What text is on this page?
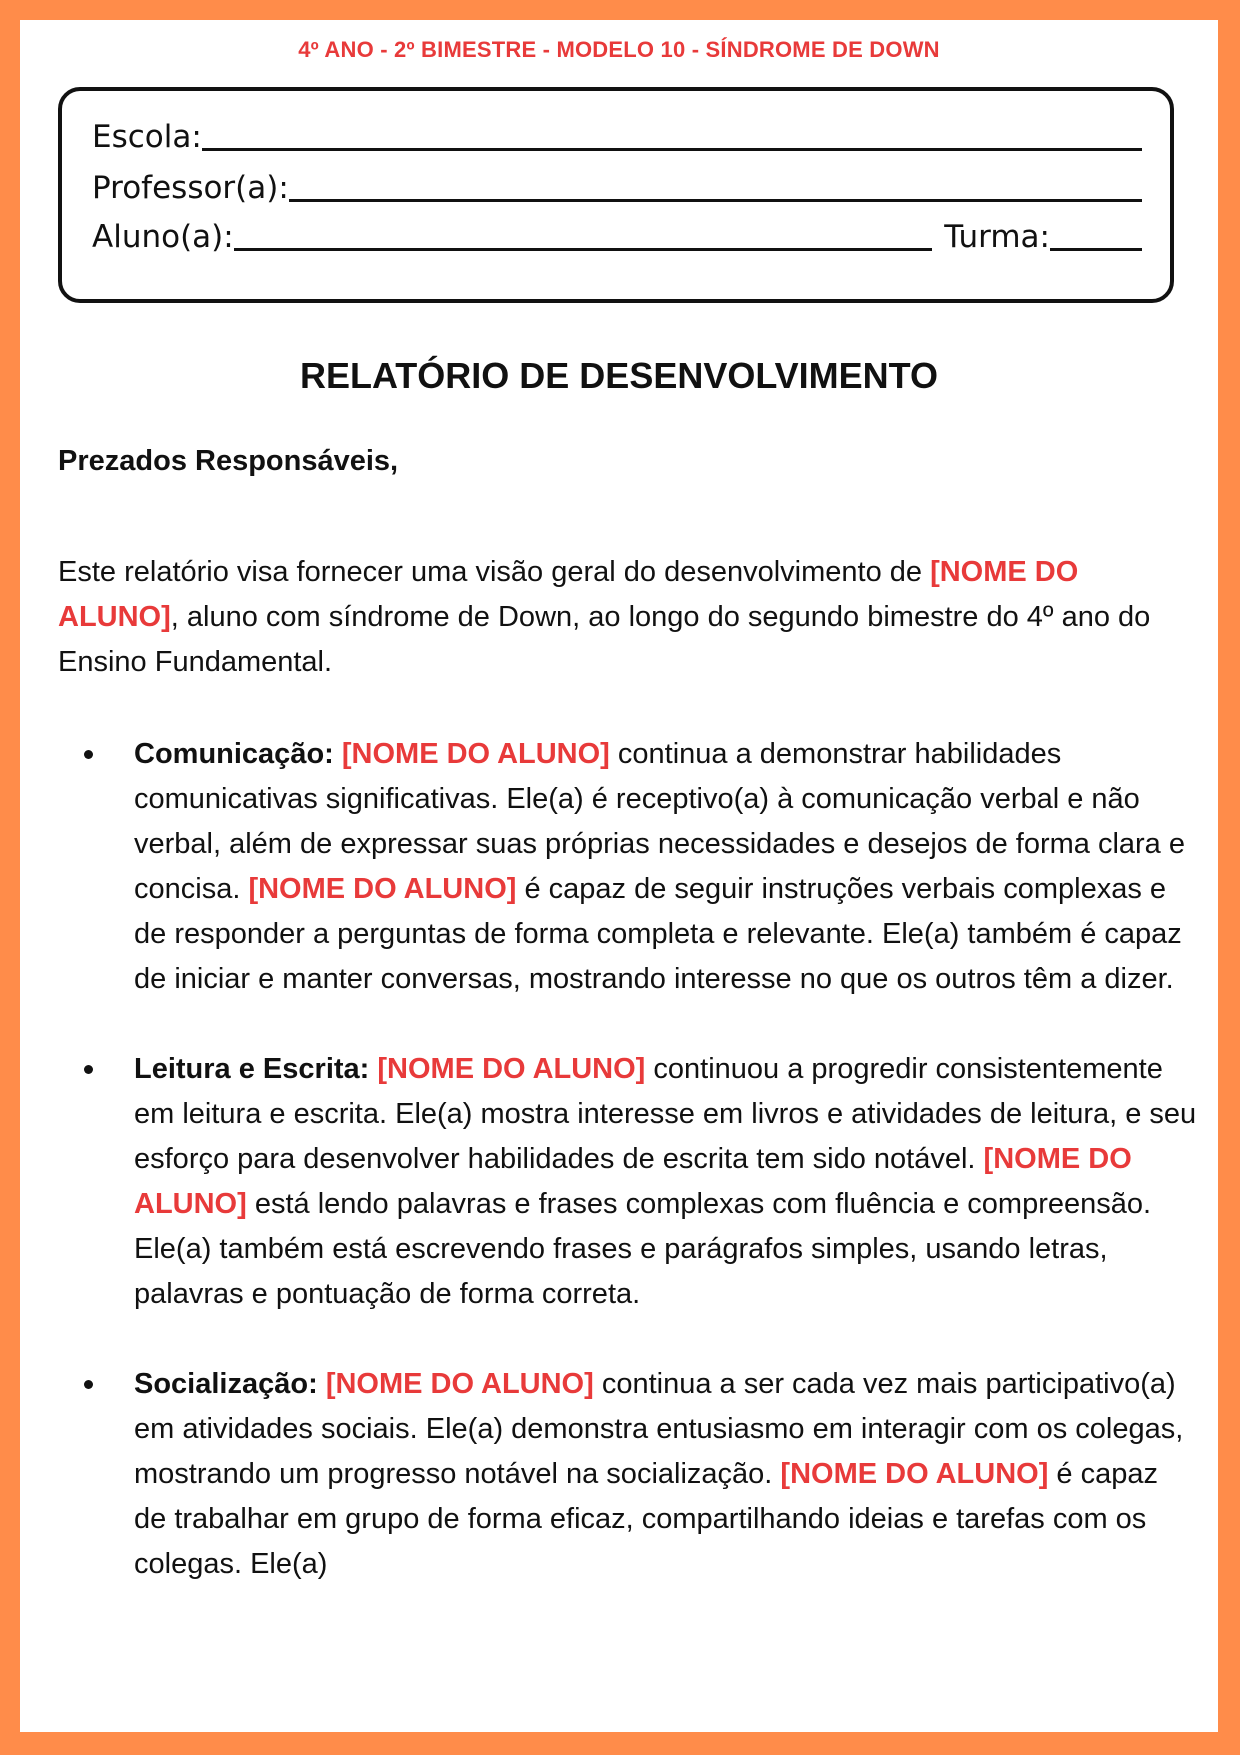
4º ANO - 2º BIMESTRE - MODELO 10 - SÍNDROME DE DOWN
Escola:
Professor(a):
Aluno(a):	Turma:
RELATÓRIO DE DESENVOLVIMENTO
Prezados Responsáveis,

Este relatório visa fornecer uma visão geral do desenvolvimento de [NOME DO ALUNO], aluno com síndrome de Down, ao longo do segundo bimestre do 4º ano do Ensino Fundamental.

Comunicação: [NOME DO ALUNO] continua a demonstrar habilidades comunicativas significativas. Ele(a) é receptivo(a) à comunicação verbal e não verbal, além de expressar suas próprias necessidades e desejos de forma clara e concisa. [NOME DO ALUNO] é capaz de seguir instruções verbais complexas e de responder a perguntas de forma completa e relevante. Ele(a) também é capaz de iniciar e manter conversas, mostrando interesse no que os outros têm a dizer.
Leitura e Escrita: [NOME DO ALUNO] continuou a progredir consistentemente em leitura e escrita. Ele(a) mostra interesse em livros e atividades de leitura, e seu esforço para desenvolver habilidades de escrita tem sido notável. [NOME DO ALUNO] está lendo palavras e frases complexas com fluência e compreensão. Ele(a) também está escrevendo frases e parágrafos simples, usando letras, palavras e pontuação de forma correta.
Socialização: [NOME DO ALUNO] continua a ser cada vez mais participativo(a) em atividades sociais. Ele(a) demonstra entusiasmo em interagir com os colegas, mostrando um progresso notável na socialização. [NOME DO ALUNO] é capaz de trabalhar em grupo de forma eficaz, compartilhando ideias e tarefas com os colegas. Ele(a)
